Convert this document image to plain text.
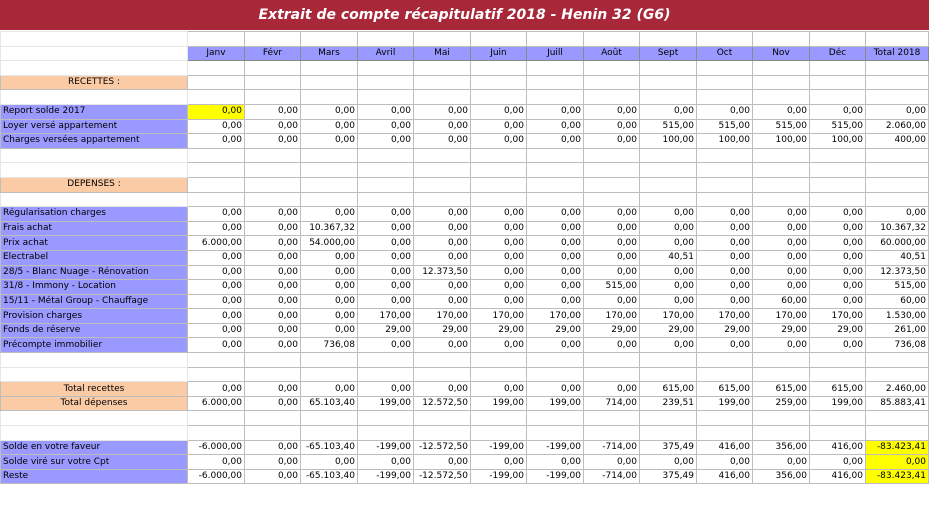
Extrait de compte récapitulatif 2018 - Henin 32 (G6)

	Janv	Févr	Mars	Avril	Mai	Juin	Juill	Août	Sept	Oct	Nov	Déc	Total 2018

RECETTES :													

Report solde 2017	0,00	0,00	0,00	0,00	0,00	0,00	0,00	0,00	0,00	0,00	0,00	0,00	0,00
Loyer versé appartement	0,00	0,00	0,00	0,00	0,00	0,00	0,00	0,00	515,00	515,00	515,00	515,00	2.060,00
Charges versées appartement	0,00	0,00	0,00	0,00	0,00	0,00	0,00	0,00	100,00	100,00	100,00	100,00	400,00

DEPENSES :													

Régularisation charges	0,00	0,00	0,00	0,00	0,00	0,00	0,00	0,00	0,00	0,00	0,00	0,00	0,00
Frais achat	0,00	0,00	10.367,32	0,00	0,00	0,00	0,00	0,00	0,00	0,00	0,00	0,00	10.367,32
Prix achat	6.000,00	0,00	54.000,00	0,00	0,00	0,00	0,00	0,00	0,00	0,00	0,00	0,00	60.000,00
Electrabel	0,00	0,00	0,00	0,00	0,00	0,00	0,00	0,00	40,51	0,00	0,00	0,00	40,51
28/5 - Blanc Nuage - Rénovation	0,00	0,00	0,00	0,00	12.373,50	0,00	0,00	0,00	0,00	0,00	0,00	0,00	12.373,50
31/8 - Immony - Location	0,00	0,00	0,00	0,00	0,00	0,00	0,00	515,00	0,00	0,00	0,00	0,00	515,00
15/11 - Métal Group - Chauffage	0,00	0,00	0,00	0,00	0,00	0,00	0,00	0,00	0,00	0,00	60,00	0,00	60,00
Provision charges	0,00	0,00	0,00	170,00	170,00	170,00	170,00	170,00	170,00	170,00	170,00	170,00	1.530,00
Fonds de réserve	0,00	0,00	0,00	29,00	29,00	29,00	29,00	29,00	29,00	29,00	29,00	29,00	261,00
Précompte immobilier	0,00	0,00	736,08	0,00	0,00	0,00	0,00	0,00	0,00	0,00	0,00	0,00	736,08

Total recettes	0,00	0,00	0,00	0,00	0,00	0,00	0,00	0,00	615,00	615,00	615,00	615,00	2.460,00
Total dépenses	6.000,00	0,00	65.103,40	199,00	12.572,50	199,00	199,00	714,00	239,51	199,00	259,00	199,00	85.883,41

Solde en votre faveur	-6.000,00	0,00	-65.103,40	-199,00	-12.572,50	-199,00	-199,00	-714,00	375,49	416,00	356,00	416,00	-83.423,41
Solde viré sur votre Cpt	0,00	0,00	0,00	0,00	0,00	0,00	0,00	0,00	0,00	0,00	0,00	0,00	0,00
Reste	-6.000,00	0,00	-65.103,40	-199,00	-12.572,50	-199,00	-199,00	-714,00	375,49	416,00	356,00	416,00	-83.423,41
